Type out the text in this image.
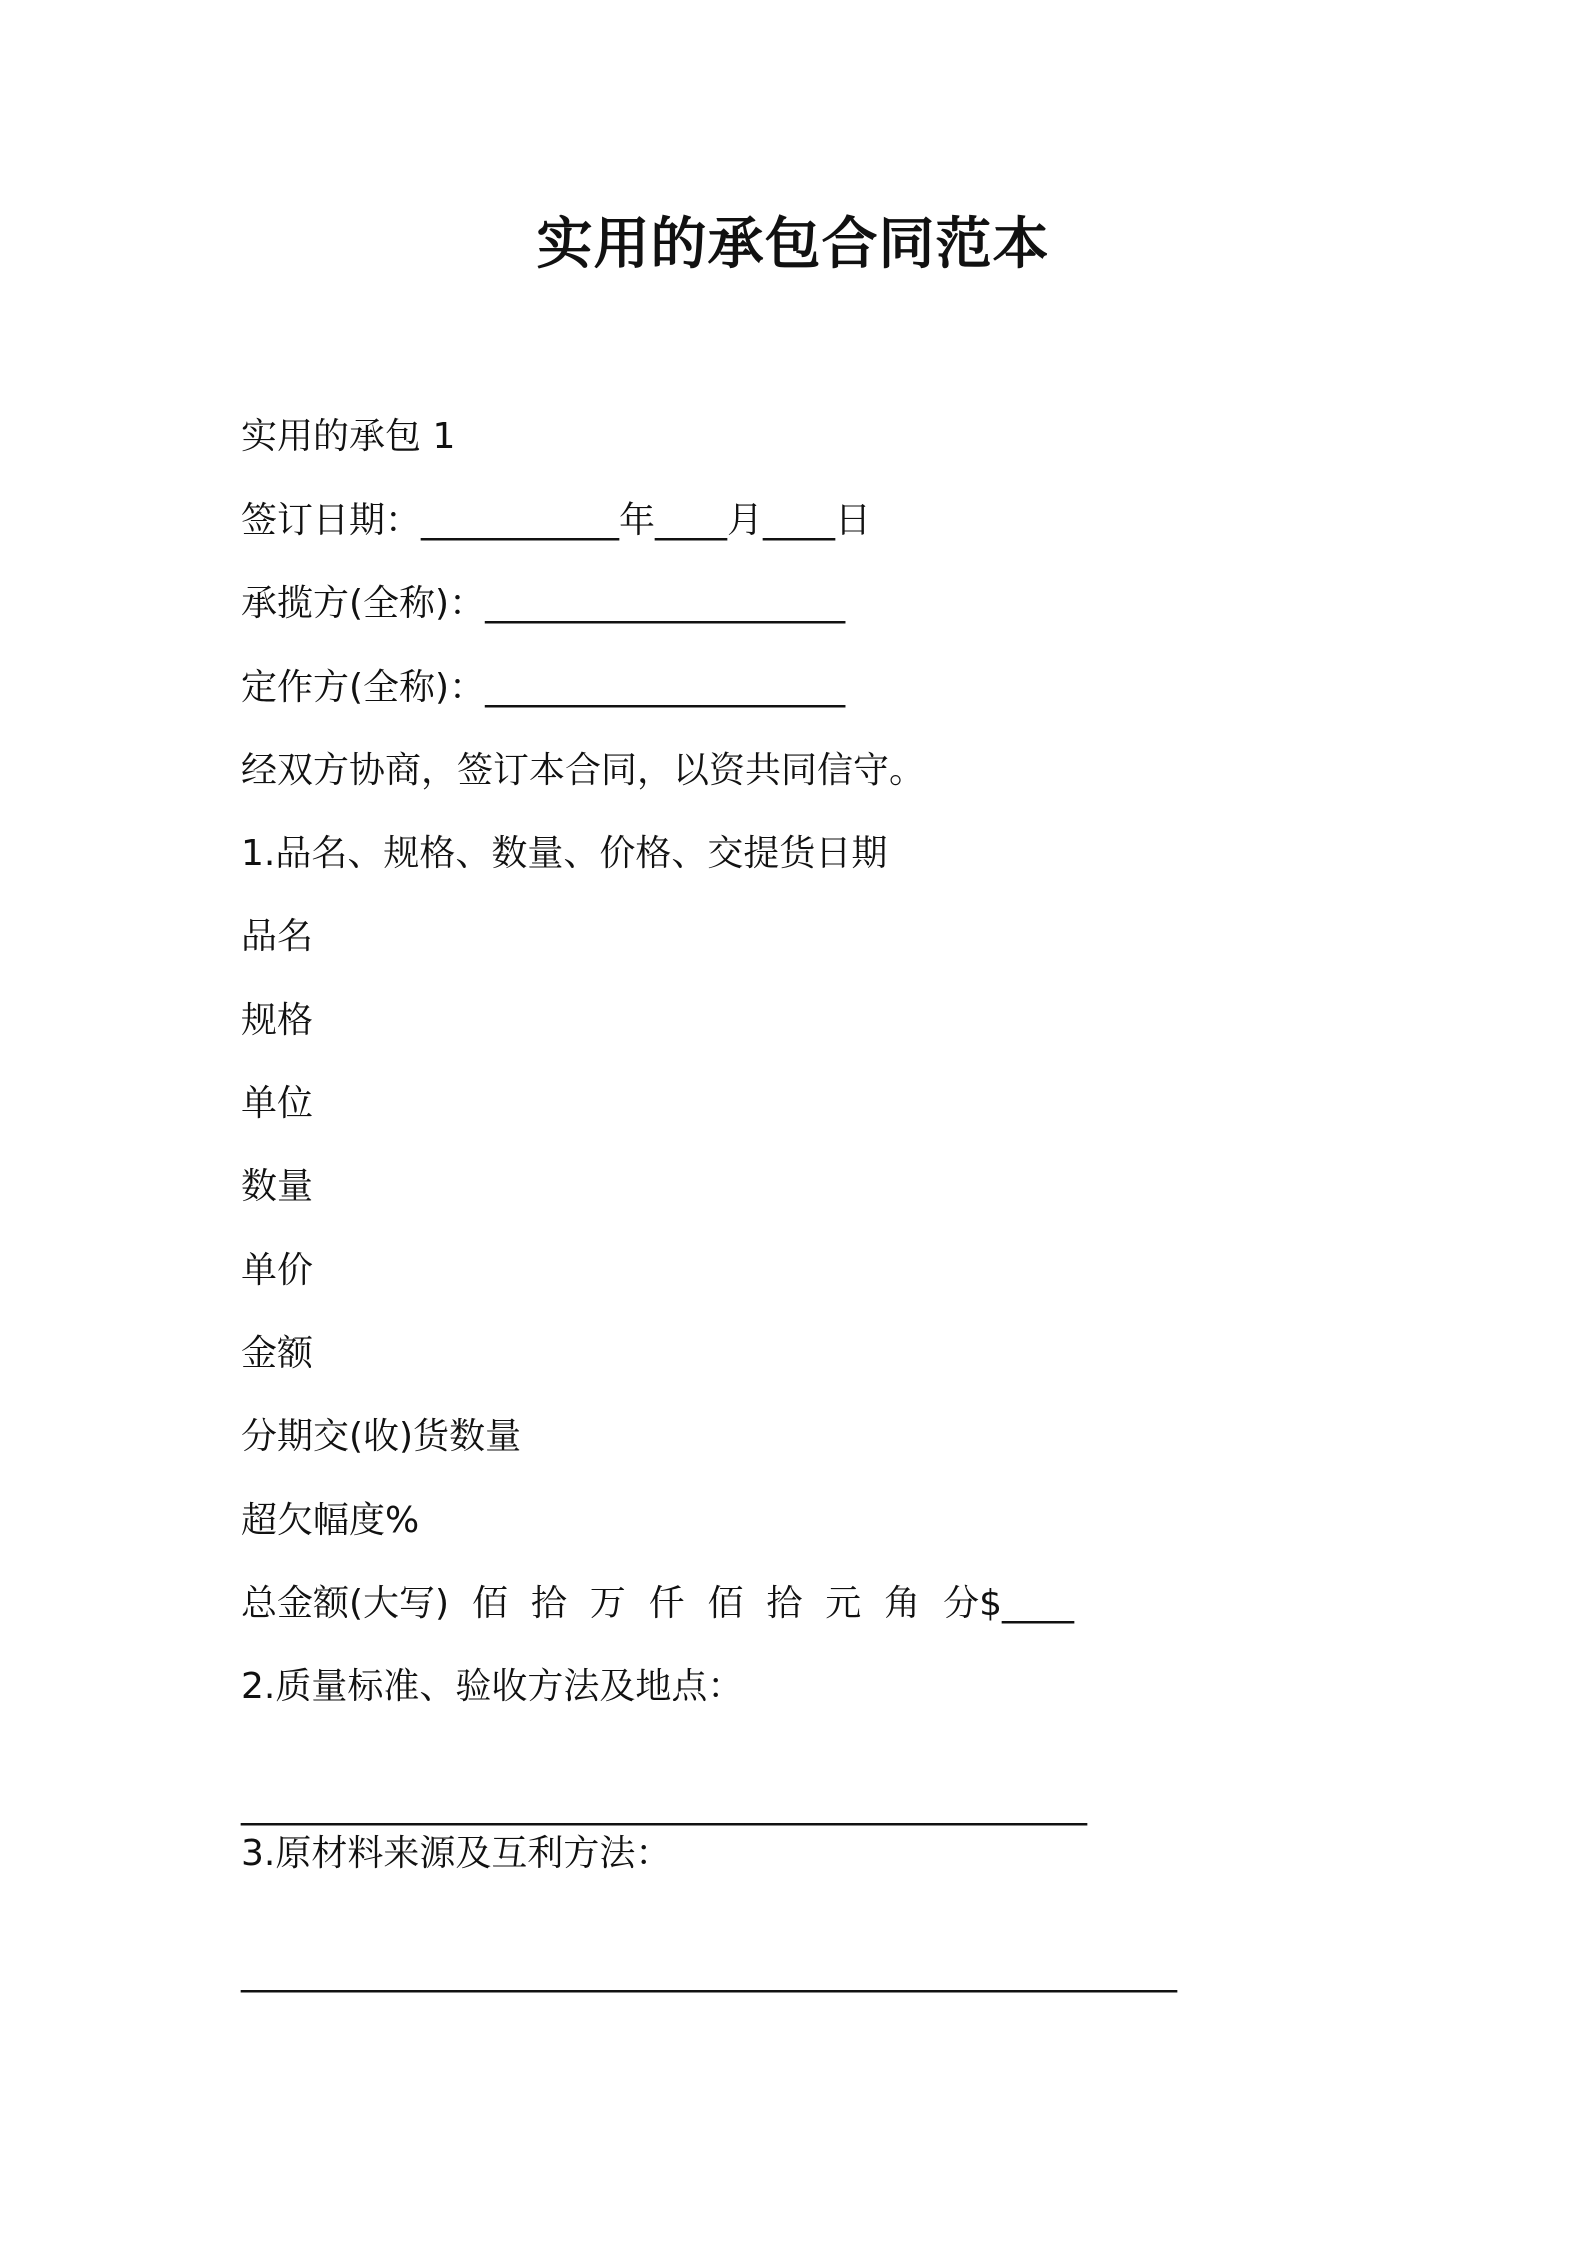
实用的承包合同范本
实用的承包 1
签订日期：___________年____月____日
承揽方(全称)：____________________
定作方(全称)：____________________
经双方协商，签订本合同，以资共同信守。
1.品名、规格、数量、价格、交提货日期
品名
规格
单位
数量
单价
金额
分期交(收)货数量
超欠幅度%
总金额(大写)  佰  拾  万  仟  佰  拾  元  角  分$____
2.质量标准、验收方法及地点：
_______________________________________________
3.原材料来源及互利方法：
____________________________________________________
